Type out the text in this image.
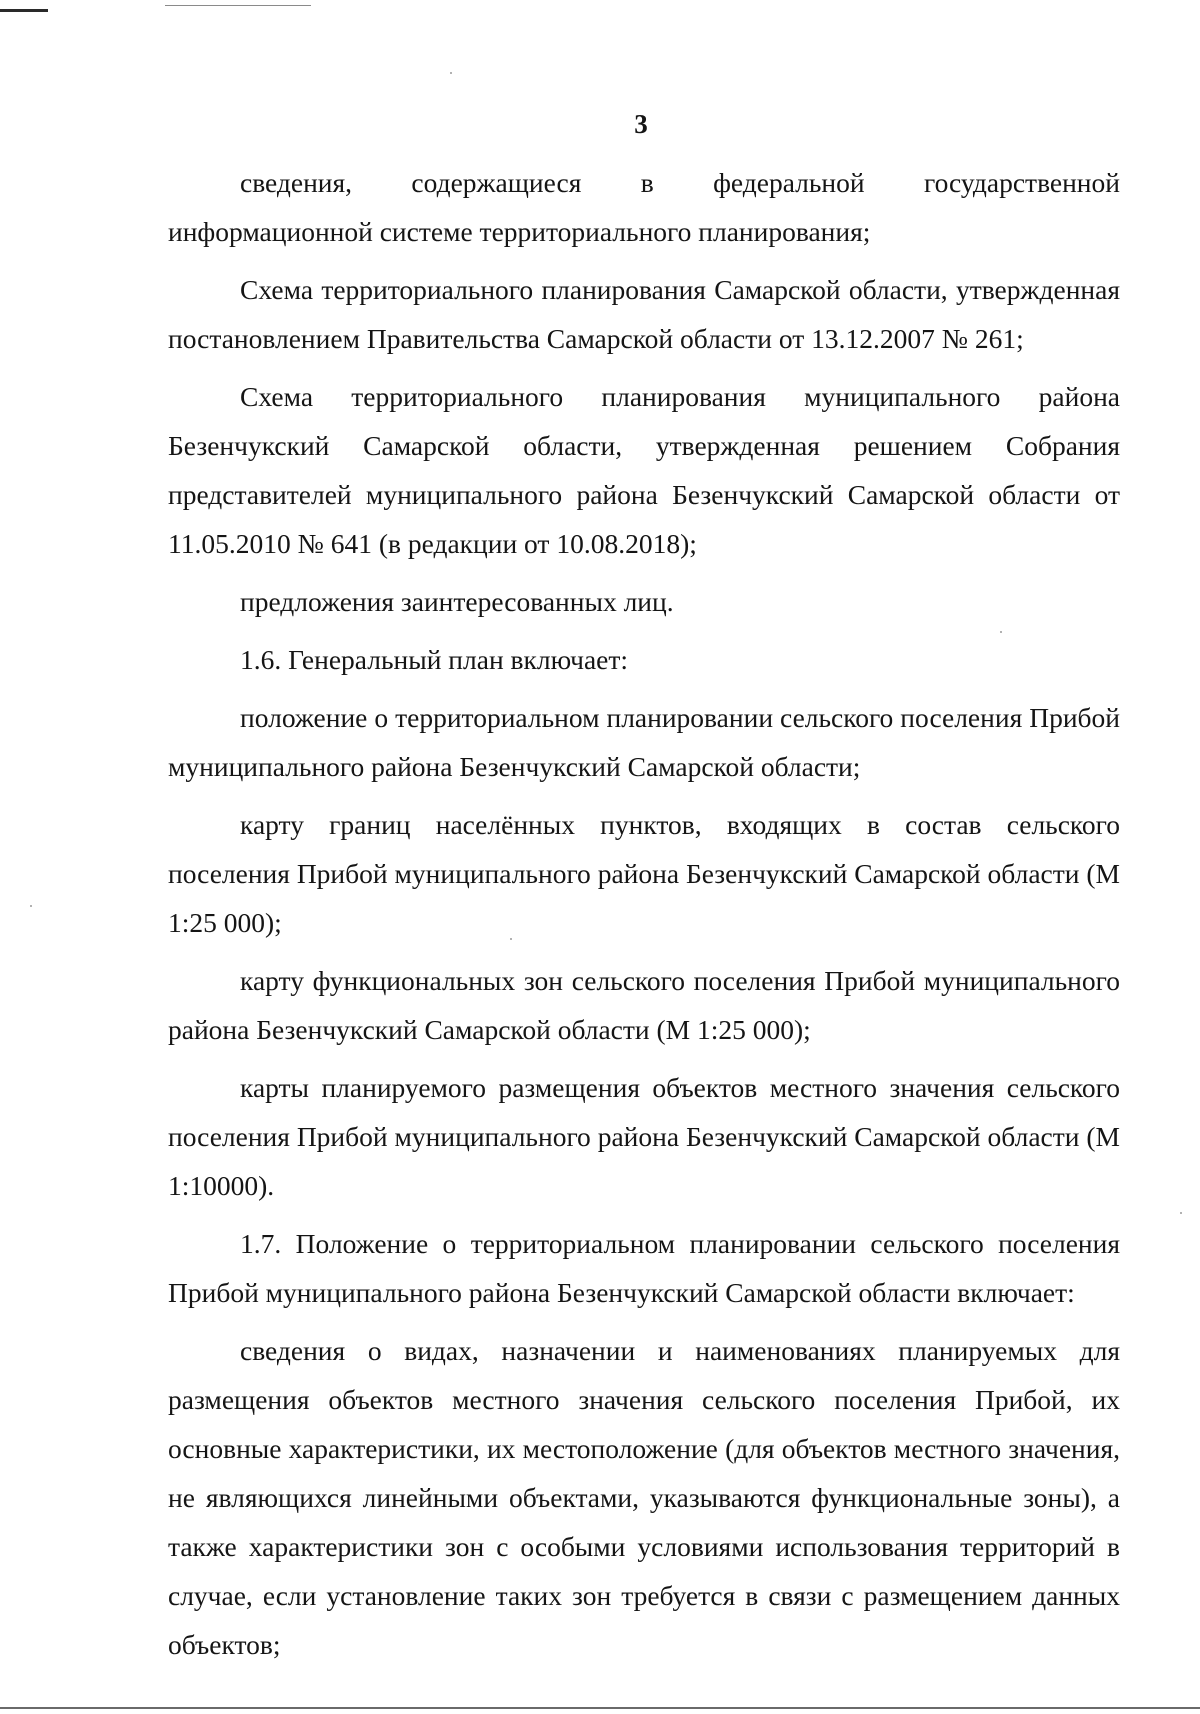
3

сведения, содержащиеся в федеральной государственной информационной системе территориального планирования;

Схема территориального планирования Самарской области, утвержденная постановлением Правительства Самарской области от 13.12.2007 № 261;

Схема территориального планирования муниципального района Безенчукский Самарской области, утвержденная решением Собрания представителей муниципального района Безенчукский Самарской области от 11.05.2010 № 641 (в редакции от 10.08.2018);

предложения заинтересованных лиц.

1.6. Генеральный план включает:

положение о территориальном планировании сельского поселения Прибой муниципального района Безенчукский Самарской области;

карту границ населённых пунктов, входящих в состав сельского поселения Прибой муниципального района Безенчукский Самарской области (М 1:25 000);

карту функциональных зон сельского поселения Прибой муниципального района Безенчукский Самарской области (М 1:25 000);

карты планируемого размещения объектов местного значения сельского поселения Прибой муниципального района Безенчукский Самарской области (М 1:10000).

1.7. Положение о территориальном планировании сельского поселения Прибой муниципального района Безенчукский Самарской области включает:

сведения о видах, назначении и наименованиях планируемых для размещения объектов местного значения сельского поселения Прибой, их основные характеристики, их местоположение (для объектов местного значения, не являющихся линейными объектами, указываются функциональные зоны), а также характеристики зон с особыми условиями использования территорий в случае, если установление таких зон требуется в связи с размещением данных объектов;
